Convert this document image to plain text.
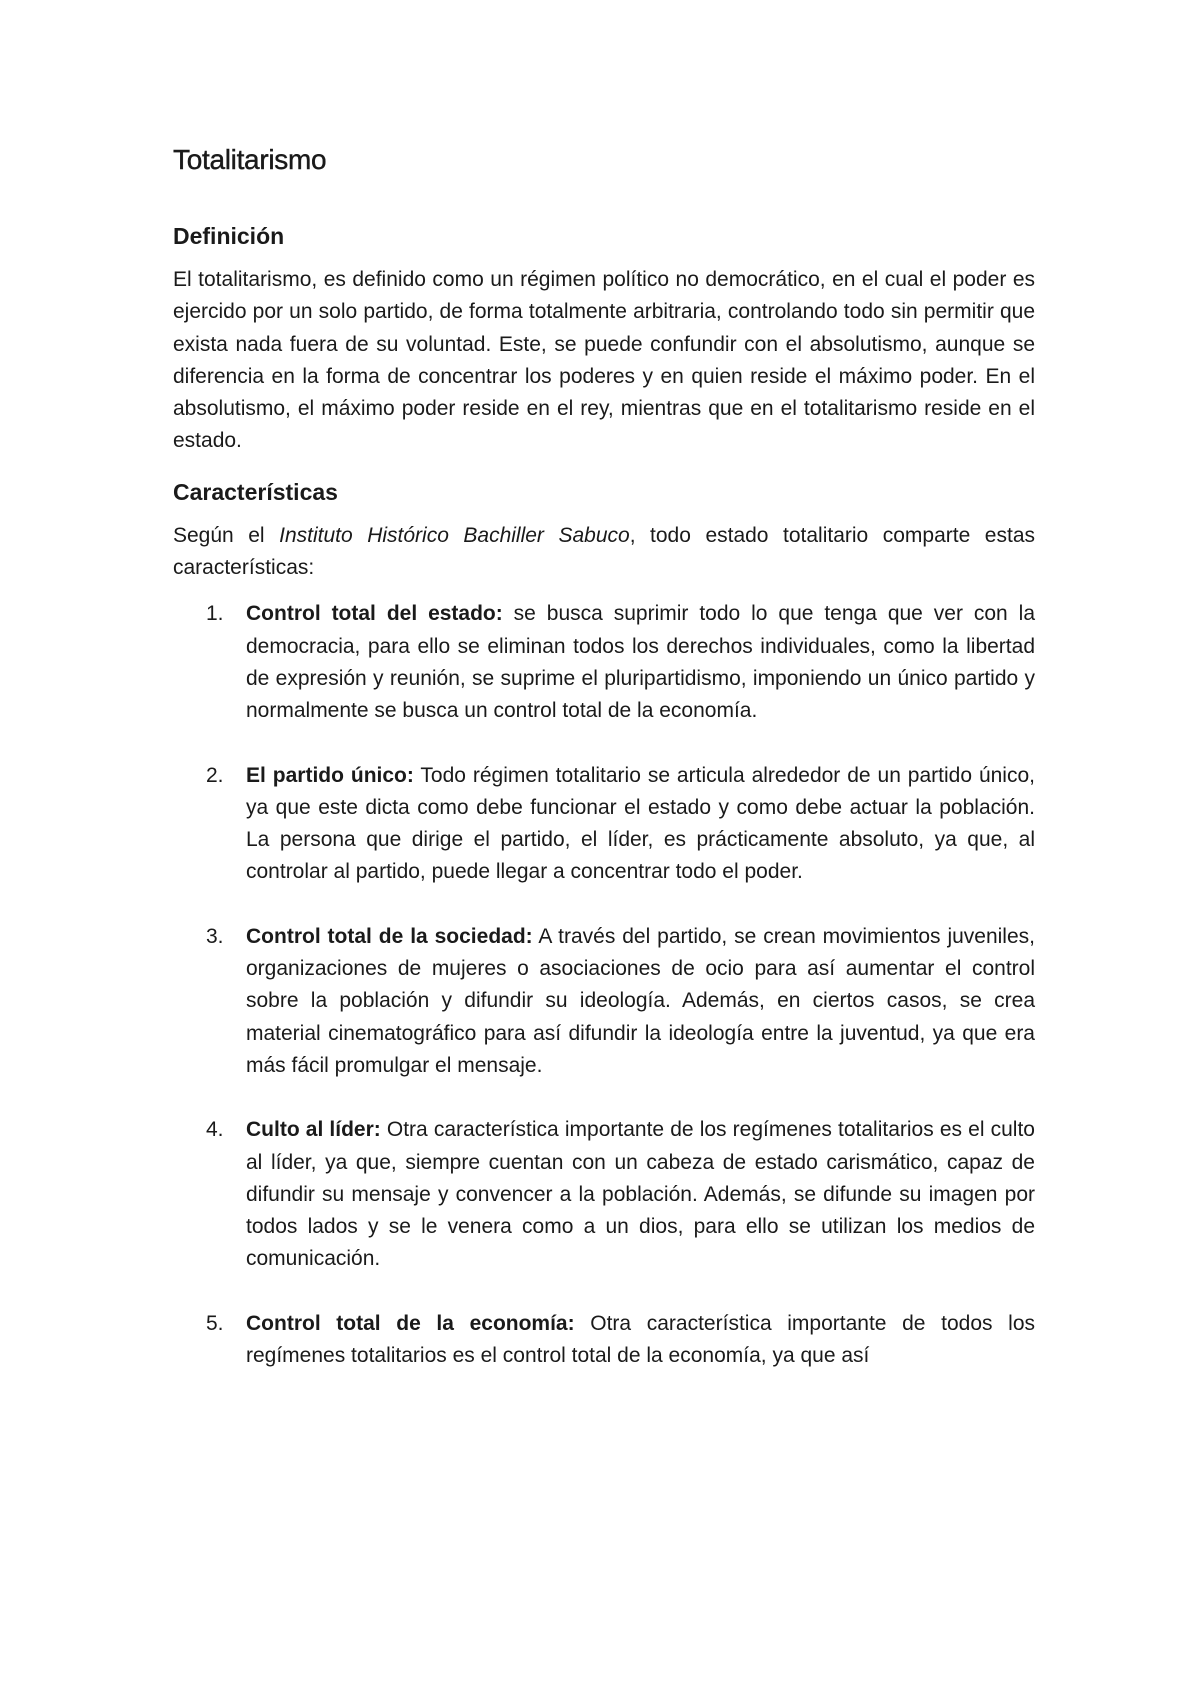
Totalitarismo
Definición

El totalitarismo, es definido como un régimen político no democrático, en el cual el poder es ejercido por un solo partido, de forma totalmente arbitraria, controlando todo sin permitir que exista nada fuera de su voluntad. Este, se puede confundir con el absolutismo, aunque se diferencia en la forma de concentrar los poderes y en quien reside el máximo poder. En el absolutismo, el máximo poder reside en el rey, mientras que en el totalitarismo reside en el estado.

Características

Según el Instituto Histórico Bachiller Sabuco, todo estado totalitario comparte estas características:

1. Control total del estado: se busca suprimir todo lo que tenga que ver con la democracia, para ello se eliminan todos los derechos individuales, como la libertad de expresión y reunión, se suprime el pluripartidismo, imponiendo un único partido y normalmente se busca un control total de la economía.
2. El partido único: Todo régimen totalitario se articula alrededor de un partido único, ya que este dicta como debe funcionar el estado y como debe actuar la población. La persona que dirige el partido, el líder, es prácticamente absoluto, ya que, al controlar al partido, puede llegar a concentrar todo el poder.
3. Control total de la sociedad: A través del partido, se crean movimientos juveniles, organizaciones de mujeres o asociaciones de ocio para así aumentar el control sobre la población y difundir su ideología. Además, en ciertos casos, se crea material cinematográfico para así difundir la ideología entre la juventud, ya que era más fácil promulgar el mensaje.
4. Culto al líder: Otra característica importante de los regímenes totalitarios es el culto al líder, ya que, siempre cuentan con un cabeza de estado carismático, capaz de difundir su mensaje y convencer a la población. Además, se difunde su imagen por todos lados y se le venera como a un dios, para ello se utilizan los medios de comunicación.
5. Control total de la economía: Otra característica importante de todos los regímenes totalitarios es el control total de la economía, ya que así
